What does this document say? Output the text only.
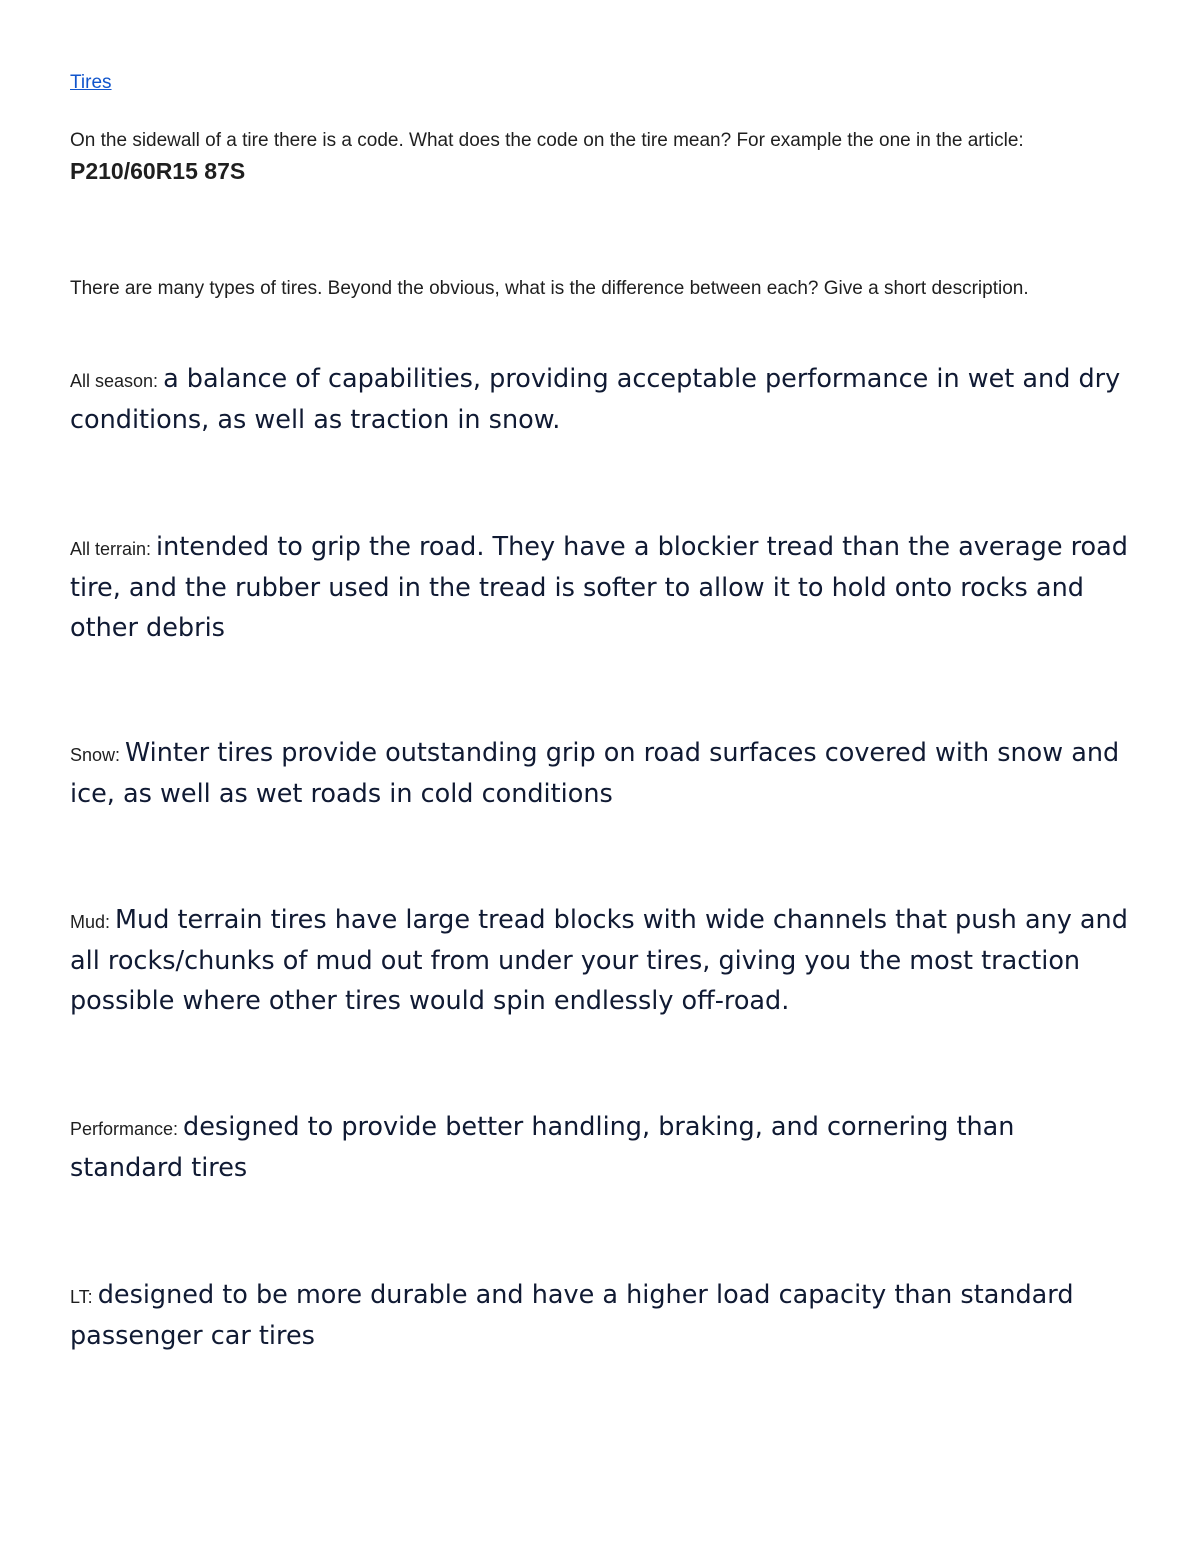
Tires

On the sidewall of a tire there is a code. What does the code on the tire mean? For example the one in the article: P210/60R15 87S

There are many types of tires. Beyond the obvious, what is the difference between each? Give a short description.

All season: a balance of capabilities, providing acceptable performance in wet and dry conditions, as well as traction in snow.

All terrain: intended to grip the road. They have a blockier tread than the average road tire, and the rubber used in the tread is softer to allow it to hold onto rocks and other debris

Snow: Winter tires provide outstanding grip on road surfaces covered with snow and ice, as well as wet roads in cold conditions

Mud: Mud terrain tires have large tread blocks with wide channels that push any and all rocks/chunks of mud out from under your tires, giving you the most traction possible where other tires would spin endlessly off-road.

Performance: designed to provide better handling, braking, and cornering than standard tires

LT: designed to be more durable and have a higher load capacity than standard passenger car tires
